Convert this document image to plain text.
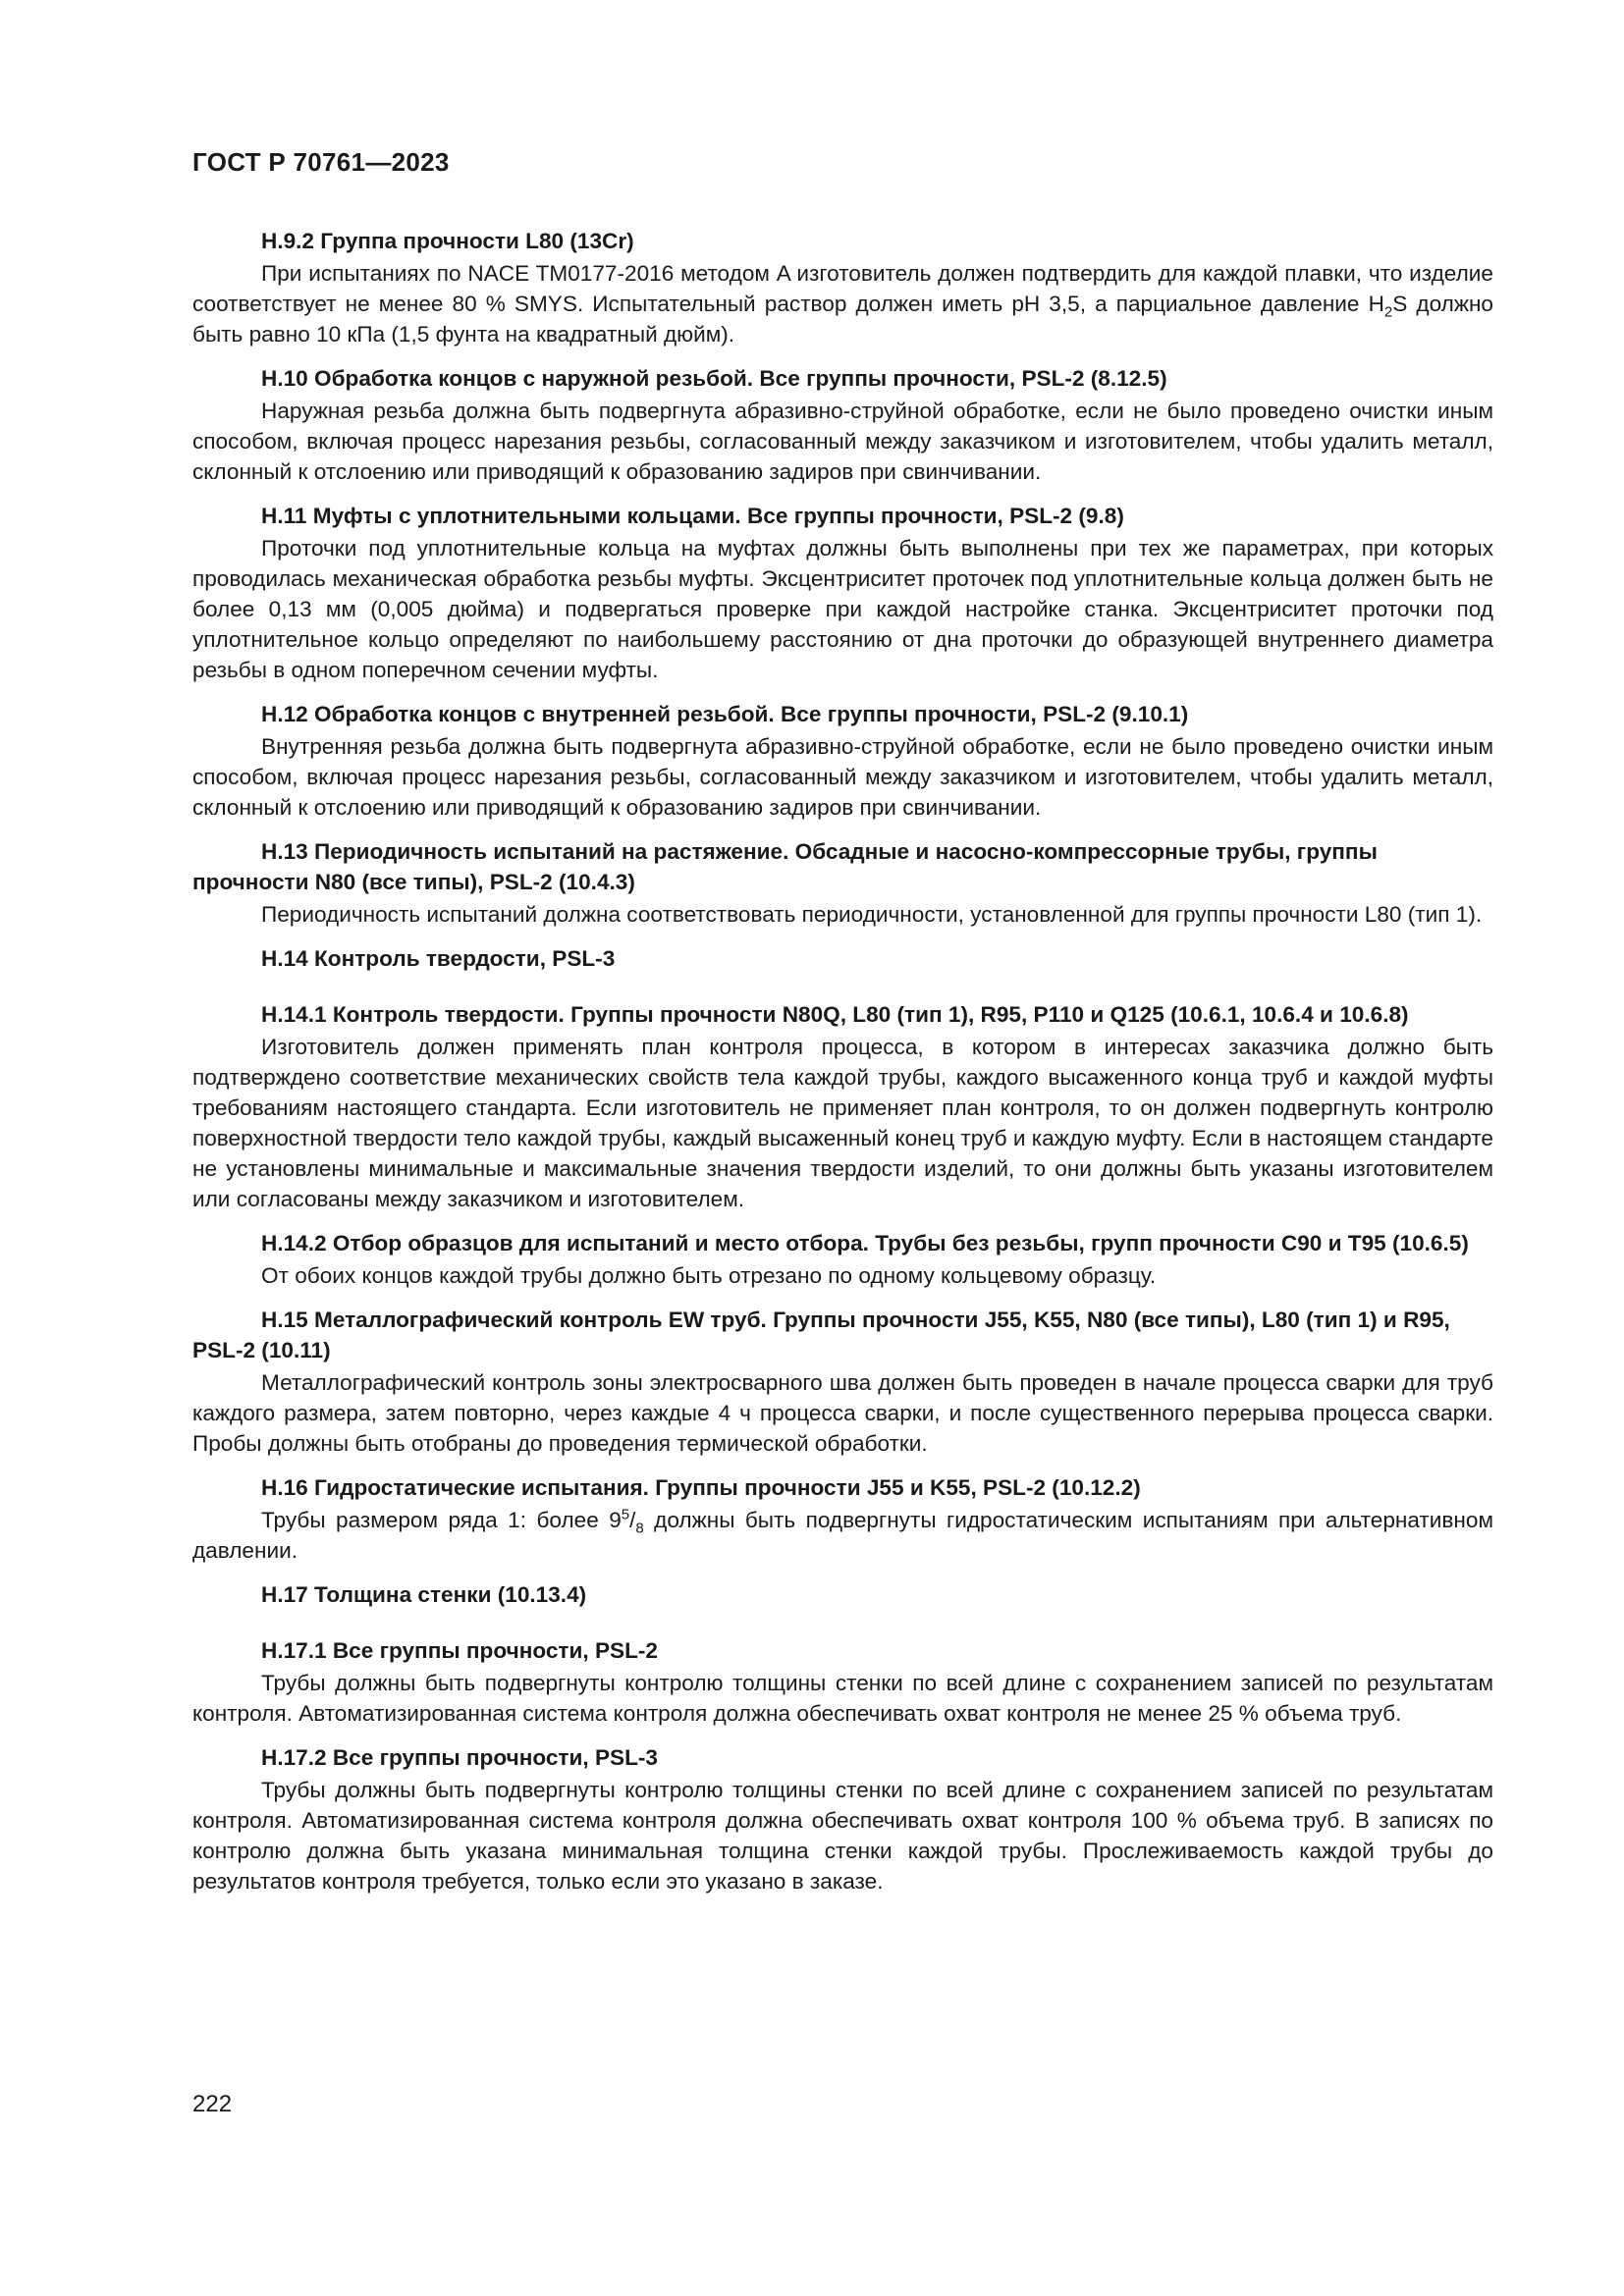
ГОСТ Р 70761—2023

Н.9.2 Группа прочности L80 (13Cr)

При испытаниях по NACE TM0177-2016 методом A изготовитель должен подтвердить для каждой плавки, что изделие соответствует не менее 80 % SMYS. Испытательный раствор должен иметь pH 3,5, а парциальное давление $H_2S$ должно быть равно 10 кПа (1,5 фунта на квадратный дюйм).

Н.10 Обработка концов с наружной резьбой. Все группы прочности, PSL-2 (8.12.5)

Наружная резьба должна быть подвергнута абразивно-струйной обработке, если не было проведено очистки иным способом, включая процесс нарезания резьбы, согласованный между заказчиком и изготовителем, чтобы удалить металл, склонный к отслоению или приводящий к образованию задиров при свинчивании.

Н.11 Муфты с уплотнительными кольцами. Все группы прочности, PSL-2 (9.8)

Проточки под уплотнительные кольца на муфтах должны быть выполнены при тех же параметрах, при которых проводилась механическая обработка резьбы муфты. Эксцентриситет проточек под уплотнительные кольца должен быть не более 0,13 мм (0,005 дюйма) и подвергаться проверке при каждой настройке станка. Эксцентриситет проточки под уплотнительное кольцо определяют по наибольшему расстоянию от дна проточки до образующей внутреннего диаметра резьбы в одном поперечном сечении муфты.

Н.12 Обработка концов с внутренней резьбой. Все группы прочности, PSL-2 (9.10.1)

Внутренняя резьба должна быть подвергнута абразивно-струйной обработке, если не было проведено очистки иным способом, включая процесс нарезания резьбы, согласованный между заказчиком и изготовителем, чтобы удалить металл, склонный к отслоению или приводящий к образованию задиров при свинчивании.

Н.13 Периодичность испытаний на растяжение. Обсадные и насосно-компрессорные трубы, группы прочности N80 (все типы), PSL-2 (10.4.3)

Периодичность испытаний должна соответствовать периодичности, установленной для группы прочности L80 (тип 1).

Н.14 Контроль твердости, PSL-3

Н.14.1 Контроль твердости. Группы прочности N80Q, L80 (тип 1), R95, P110 и Q125 (10.6.1, 10.6.4 и 10.6.8)

Изготовитель должен применять план контроля процесса, в котором в интересах заказчика должно быть подтверждено соответствие механических свойств тела каждой трубы, каждого высаженного конца труб и каждой муфты требованиям настоящего стандарта. Если изготовитель не применяет план контроля, то он должен подвергнуть контролю поверхностной твердости тело каждой трубы, каждый высаженный конец труб и каждую муфту. Если в настоящем стандарте не установлены минимальные и максимальные значения твердости изделий, то они должны быть указаны изготовителем или согласованы между заказчиком и изготовителем.

Н.14.2 Отбор образцов для испытаний и место отбора. Трубы без резьбы, групп прочности C90 и T95 (10.6.5)

От обоих концов каждой трубы должно быть отрезано по одному кольцевому образцу.

Н.15 Металлографический контроль EW труб. Группы прочности J55, K55, N80 (все типы), L80 (тип 1) и R95, PSL-2 (10.11)

Металлографический контроль зоны электросварного шва должен быть проведен в начале процесса сварки для труб каждого размера, затем повторно, через каждые 4 ч процесса сварки, и после существенного перерыва процесса сварки. Пробы должны быть отобраны до проведения термической обработки.

Н.16 Гидростатические испытания. Группы прочности J55 и K55, PSL-2 (10.12.2)

Трубы размером ряда 1: более $9^5/_8$ должны быть подвергнуты гидростатическим испытаниям при альтернативном давлении.

Н.17 Толщина стенки (10.13.4)

Н.17.1 Все группы прочности, PSL-2

Трубы должны быть подвергнуты контролю толщины стенки по всей длине с сохранением записей по результатам контроля. Автоматизированная система контроля должна обеспечивать охват контроля не менее 25 % объема труб.

Н.17.2 Все группы прочности, PSL-3

Трубы должны быть подвергнуты контролю толщины стенки по всей длине с сохранением записей по результатам контроля. Автоматизированная система контроля должна обеспечивать охват контроля 100 % объема труб. В записях по контролю должна быть указана минимальная толщина стенки каждой трубы. Прослеживаемость каждой трубы до результатов контроля требуется, только если это указано в заказе.

222
